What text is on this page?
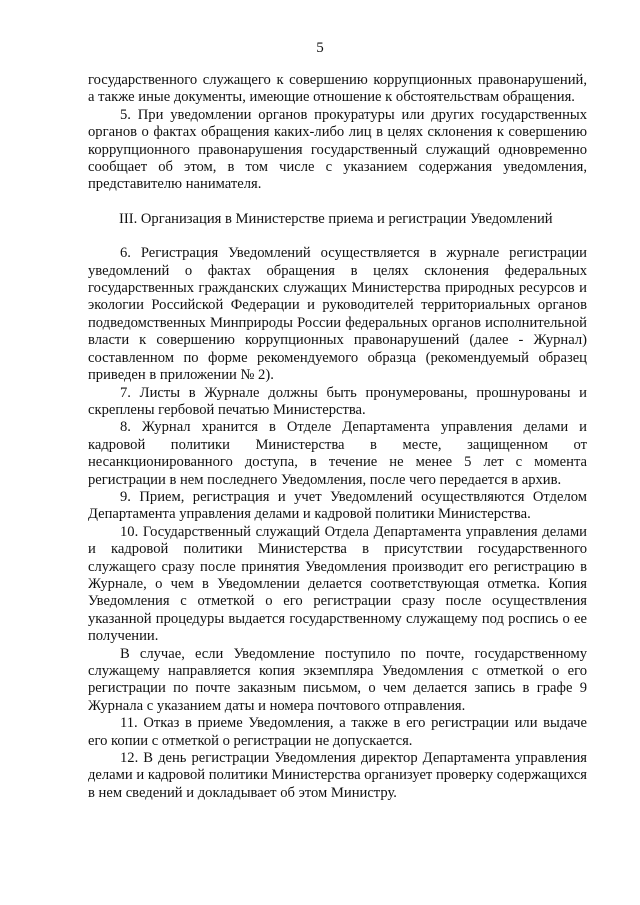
5

государственного служащего к совершению коррупционных правонарушений, а также иные документы, имеющие отношение к обстоятельствам обращения.

5. При уведомлении органов прокуратуры или других государственных органов о фактах обращения каких-либо лиц в целях склонения к совершению коррупционного правонарушения государственный служащий одновременно сообщает об этом, в том числе с указанием содержания уведомления, представителю нанимателя.

III. Организация в Министерстве приема и регистрации Уведомлений

6. Регистрация Уведомлений осуществляется в журнале регистрации уведомлений о фактах обращения в целях склонения федеральных государственных гражданских служащих Министерства природных ресурсов и экологии Российской Федерации и руководителей территориальных органов подведомственных Минприроды России федеральных органов исполнительной власти к совершению коррупционных правонарушений (далее - Журнал) составленном по форме рекомендуемого образца (рекомендуемый образец приведен в приложении № 2).

7. Листы в Журнале должны быть пронумерованы, прошнурованы и скреплены гербовой печатью Министерства.

8. Журнал хранится в Отделе Департамента управления делами и кадровой политики Министерства в месте, защищенном от несанкционированного доступа, в течение не менее 5 лет с момента регистрации в нем последнего Уведомления, после чего передается в архив.

9. Прием, регистрация и учет Уведомлений осуществляются Отделом Департамента управления делами и кадровой политики Министерства.

10. Государственный служащий Отдела Департамента управления делами и кадровой политики Министерства в присутствии государственного служащего сразу после принятия Уведомления производит его регистрацию в Журнале, о чем в Уведомлении делается соответствующая отметка. Копия Уведомления с отметкой о его регистрации сразу после осуществления указанной процедуры выдается государственному служащему под роспись о ее получении.

В случае, если Уведомление поступило по почте, государственному служащему направляется копия экземпляра Уведомления с отметкой о его регистрации по почте заказным письмом, о чем делается запись в графе 9 Журнала с указанием даты и номера почтового отправления.

11. Отказ в приеме Уведомления, а также в его регистрации или выдаче его копии с отметкой о регистрации не допускается.

12. В день регистрации Уведомления директор Департамента управления делами и кадровой политики Министерства организует проверку содержащихся в нем сведений и докладывает об этом Министру.
